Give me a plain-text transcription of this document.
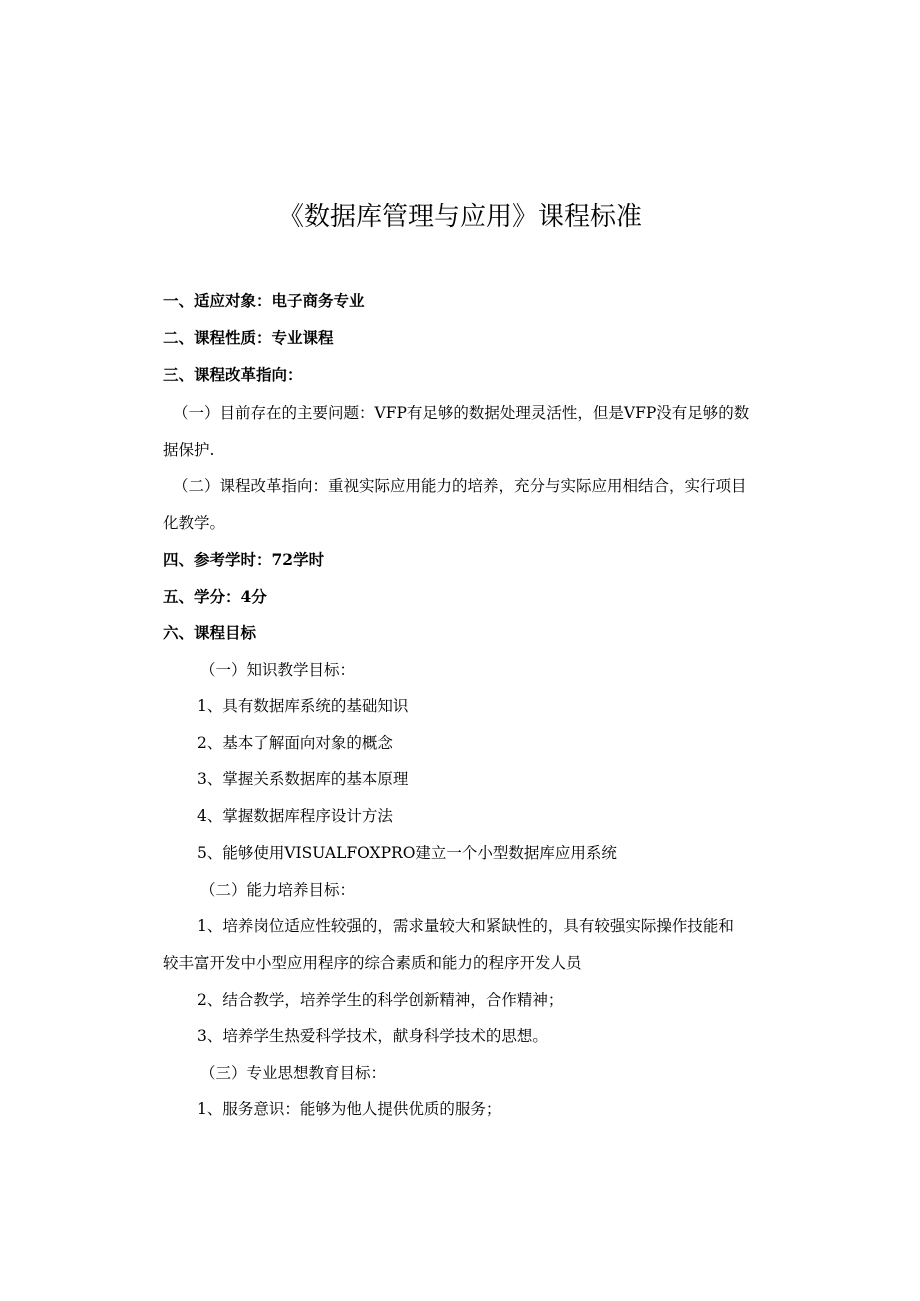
《数据库管理与应用》课程标准
一、适应对象：电子商务专业
二、课程性质：专业课程
三、课程改革指向：
（一）目前存在的主要问题：VFP有足够的数据处理灵活性，但是VFP没有足够的数
据保护.
（二）课程改革指向：重视实际应用能力的培养，充分与实际应用相结合，实行项目
化教学。
四、参考学时：72学时
五、学分：4分
六、课程目标
（一）知识教学目标：
1、具有数据库系统的基础知识
2、基本了解面向对象的概念
3、掌握关系数据库的基本原理
4、掌握数据库程序设计方法
5、能够使用VISUALFOXPRO建立一个小型数据库应用系统
（二）能力培养目标：
1、培养岗位适应性较强的，需求量较大和紧缺性的，具有较强实际操作技能和
较丰富开发中小型应用程序的综合素质和能力的程序开发人员
2、结合教学，培养学生的科学创新精神，合作精神；
3、培养学生热爱科学技术，献身科学技术的思想。
（三）专业思想教育目标：
1、服务意识：能够为他人提供优质的服务；
